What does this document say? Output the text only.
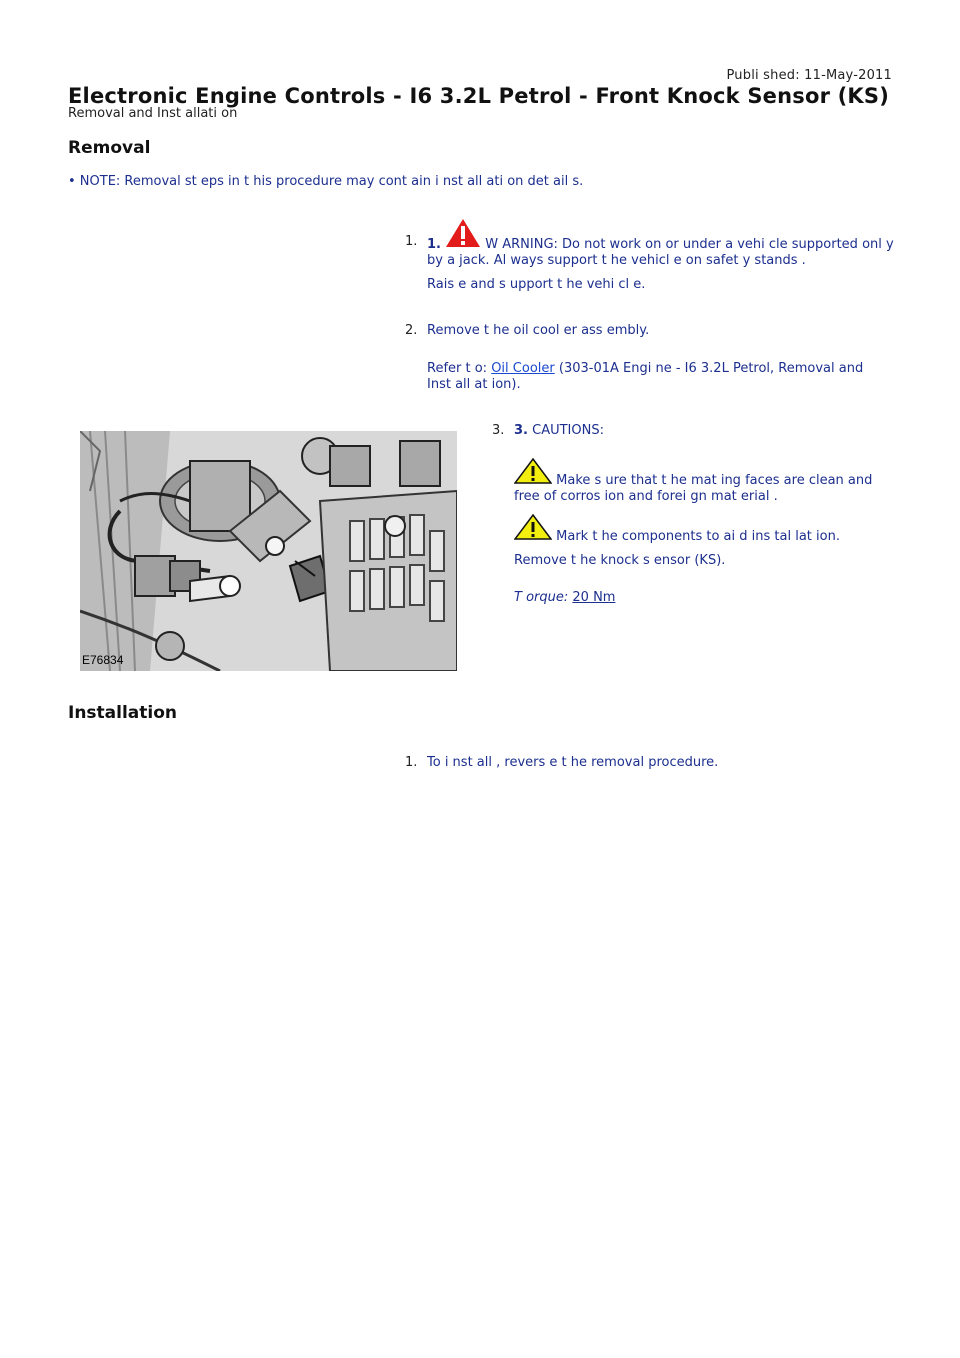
Publi shed: 11-May-2011
Electronic Engine Controls - I6 3.2L Petrol - Front Knock Sensor (KS)
Removal and Inst allati on
Removal
• NOTE: Removal st eps in t his procedure may cont ain i nst all ati on det ail s.
1. 1.	W ARNING: Do not work on or under a vehi cle supported onl y
by a jack. Al ways support t he vehicl e on safet y stands .
Rais e and s upport t he vehi cl e.
2. Remove t he oil cool er ass embly.
Refer t o: Oil Cooler (303-01A Engi ne - I6 3.2L Petrol, Removal and
Inst all at ion).
E76834
3. 3. CAUTIONS:
Make s ure that t he mat ing faces are clean and
free of corros ion and forei gn mat erial .
Mark t he components to ai d ins tal lat ion.
Remove t he knock s ensor (KS).
T orque: 20 Nm
Installation
1. To i nst all , revers e t he removal procedure.
